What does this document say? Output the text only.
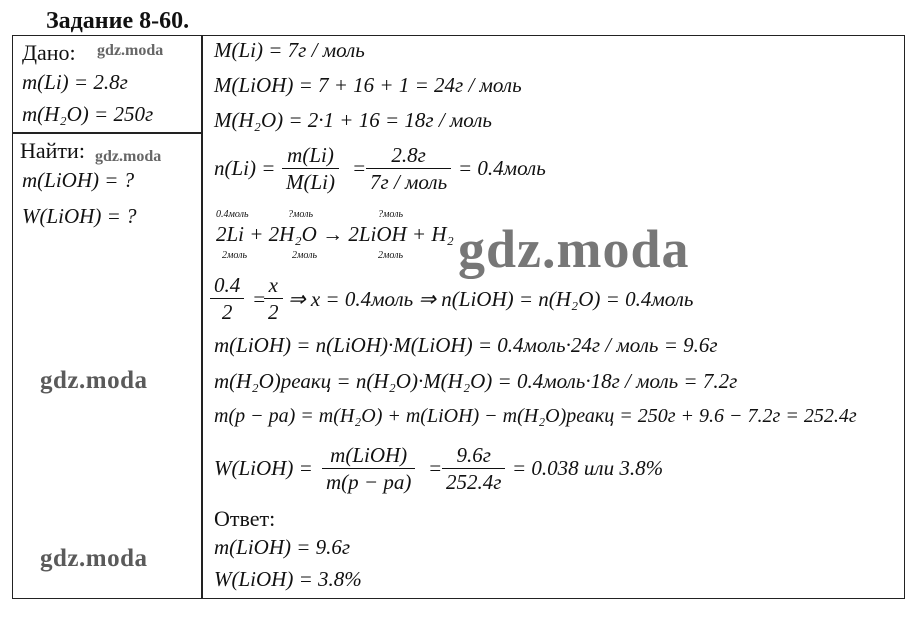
Задание 8-60.
Дано: gdz.moda
m(Li) = 2.8г
m(H₂O) = 250г
Найти: gdz.moda
m(LiOH) = ?
W(LiOH) = ?
gdz.moda
gdz.moda
M(Li) = 7г / моль
M(LiOH) = 7 + 16 + 1 = 24г / моль
M(H₂O) = 2·1 + 16 = 18г / моль
$n(Li) = \frac{m(Li)}{M(Li)}$ =
2.8г
7г / моль
= 0.4моль
0.4моль	?моль	?моль
2Li + 2H₂O → 2LiOH + H₂
2моль	2моль	2моль gdz.moda
$\frac{0.4}{2}$ =
$\frac{x}{2}$ ⇒ x = 0.4моль ⇒ n(LiOH) = n(H₂O) = 0.4моль
m(LiOH) = n(LiOH)·M(LiOH) = 0.4моль·24г / моль = 9.6г
m(H₂O)реакц = n(H₂O)·M(H₂O) = 0.4моль·18г / моль = 7.2г
m(p − pa) = m(H₂O) + m(LiOH) − m(H₂O)реакц = 250г + 9.6 − 7.2г = 252.4г
W(LiOH) =
m(LiOH)
m(p − pa)
=
9.6г
252.4г
= 0.038 или 3.8%
Ответ:
m(LiOH) = 9.6г
W(LiOH) = 3.8%
